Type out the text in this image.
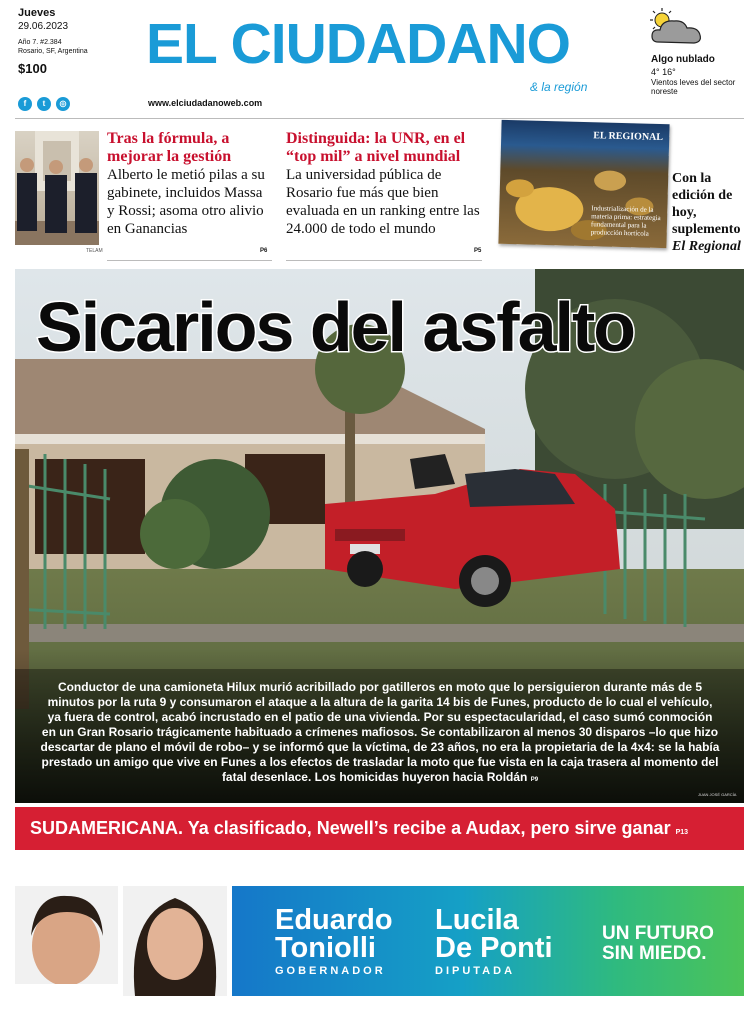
Jueves
29.06.2023
Año 7. #2.384
Rosario, SF, Argentina
$100
f	t	◎
EL CIUDADANO
& la región
www.elciudadanoweb.com
Algo nublado
4° 16°
Vientos leves del sector noreste
TELAM
Tras la fórmula, a mejorar la gestión
Alberto le metió pilas a su gabinete, incluidos Massa y Rossi; asoma otro alivio en Ganancias
P6
Distinguida: la UNR, en el “top mil” a nivel mundial
La universidad pública de Rosario fue más que bien evaluada en un ranking entre las 24.000 de todo el mundo
P5
EL REGIONAL
Industrialización de la materia prima: estrategia fundamental para la producción hortícola
Con la edición de hoy, suplemento El Regional
Sicarios del asfalto
Conductor de una camioneta Hilux murió acribillado por gatilleros en moto que lo persiguieron durante más de 5 minutos por la ruta 9 y consumaron el ataque a la altura de la garita 14 bis de Funes, producto de lo cual el vehículo, ya fuera de control, acabó incrustado en el patio de una vivienda. Por su espectacularidad, el caso sumó conmoción en un Gran Rosario trágicamente habituado a crímenes mafiosos. Se contabilizaron al menos 30 disparos –lo que hizo descartar de plano el móvil de robo– y se informó que la víctima, de 23 años, no era la propietaria de la 4x4: se la había prestado un amigo que vive en Funes a los efectos de trasladar la moto que fue vista en la caja trasera al momento del fatal desenlace. Los homicidas huyeron hacia Roldán P9
JUAN JOSÉ GARCÍA
SUDAMERICANA. Ya clasificado, Newell’s recibe a Audax, pero sirve ganar P13
Eduardo
Toniolli
GOBERNADOR
Lucila
De Ponti
DIPUTADA
UN FUTURO
SIN MIEDO.
